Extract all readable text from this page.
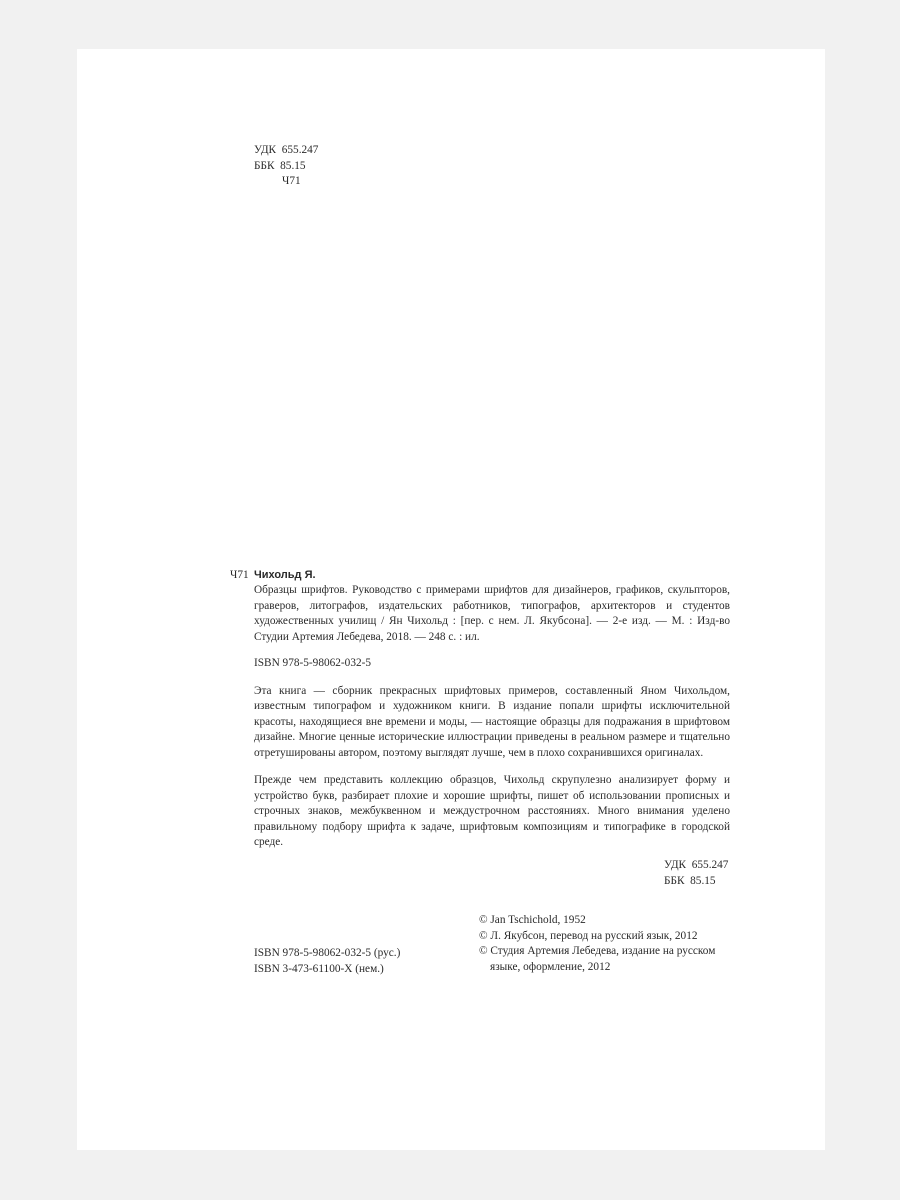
УДК  655.247
ББК  85.15
Ч71
Ч71 Чихольд Я.

Образцы шрифтов. Руководство с примерами шрифтов для дизайнеров, графиков, скульпторов, граверов, литографов, издательских работников, типографов, архитекторов и студентов художественных училищ / Ян Чихольд : [пер. с нем. Л. Якубсона]. — 2-е изд. — М. : Изд-во Студии Артемия Лебедева, 2018. — 248 с. : ил.

ISBN 978-5-98062-032-5

Эта книга — сборник прекрасных шрифтовых примеров, составленный Яном Чихольдом, известным типографом и художником книги. В издание попали шрифты исключительной красоты, находящиеся вне времени и моды, — настоящие образцы для подражания в шрифтовом дизайне. Многие ценные исторические иллюстрации приведены в реальном размере и тщательно отретушированы автором, поэтому выглядят лучше, чем в плохо сохранившихся оригиналах.

Прежде чем представить коллекцию образцов, Чихольд скрупулезно анализирует форму и устройство букв, разбирает плохие и хорошие шрифты, пишет об использовании прописных и строчных знаков, межбуквенном и междустрочном расстояниях. Много внимания уделено правильному подбору шрифта к задаче, шрифтовым композициям и типографике в городской среде.

УДК  655.247
ББК  85.15
© Jan Tschichold, 1952
© Л. Якубсон, перевод на русский язык, 2012
© Студия Артемия Лебедева, издание на русском языке, оформление, 2012
ISBN 978-5-98062-032-5 (рус.)
ISBN 3-473-61100-X (нем.)
